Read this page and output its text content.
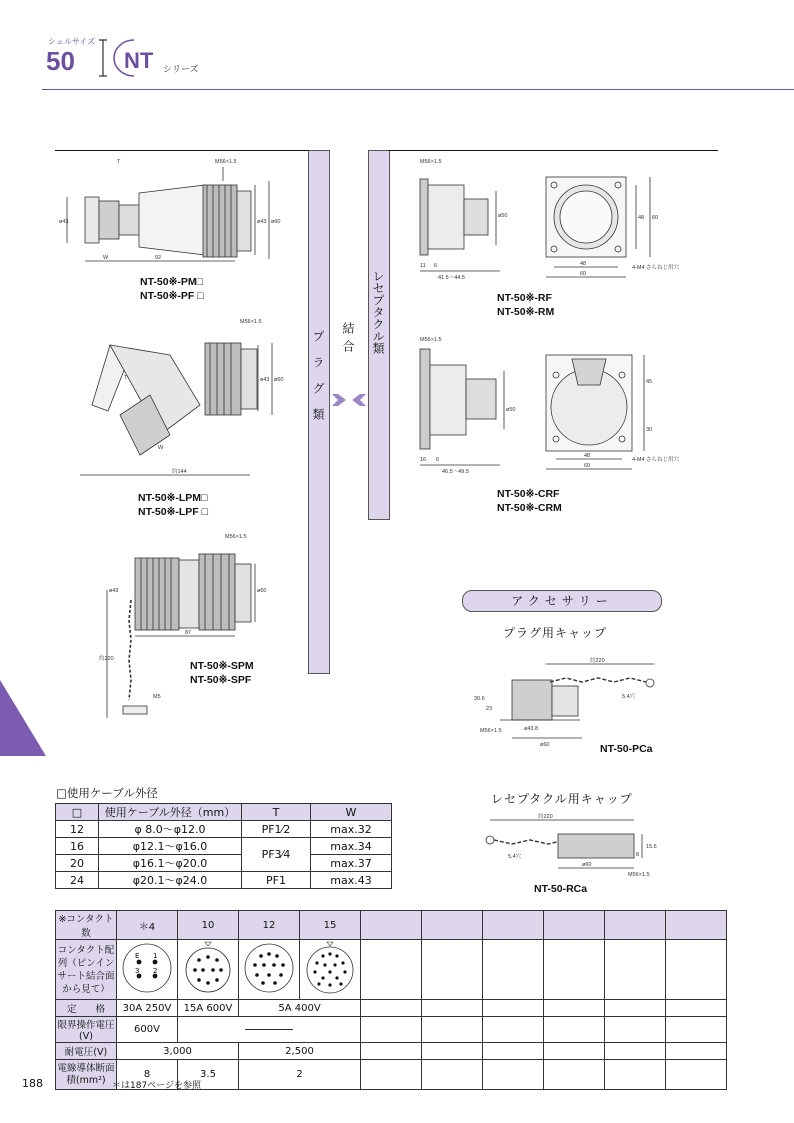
シェルサイズ
50 NT シリーズ
プラグ類 結合 レセプタクル類
M56×1.5
T
92
W
ø43	ø43 ø60
NT-50※-PM□
NT-50※-PF □
M56×1.5
T
W
約144
ø43 ø60
NT-50※-LPM□
NT-50※-LPF □
M56×1.5
87
約220
M5
ø43	ø60
NT-50※-SPM
NT-50※-SPF
M56×1.5
11 6
41.5～44.5
ø50
48
60
48 60
4-M4 さらねじ用穴
NT-50※-RF
NT-50※-RM
M56×1.5
16 6
46.5～49.5
ø50
48
60
45
30
4-M4 さらねじ用穴
NT-50※-CRF
NT-50※-CRM
アクセサリー
プラグ用キャップ
約220
5.4穴
30.6
23
ø43.8
M56×1.5
ø60	NT-50-PCa
レセプタクル用キャップ
約220
5.4穴
ø60
8
15.6
M56×1.5
NT-50-RCa
□使用ケーブル外径
□	使用ケーブル外径（mm）	T	W
12	φ 8.0～φ12.0	PF1⁄2	max.32
16	φ12.1～φ16.0	PF3⁄4	max.34
20	φ16.1～φ20.0		max.37
24	φ20.1～φ24.0	PF1	max.43
※コンタクト数	＊4	10	12	15						
コンタクト配列（ピンインサート結合面から見て）	E 1
3 2

定　　格	30A 250V	15A 600V	5A 400V							
限界操作電圧(V)	600V			

耐電圧(V)	3,000		2,500							
電線導体断面積(mm²)	8	3.5	2							
188	＊は187ページを参照
